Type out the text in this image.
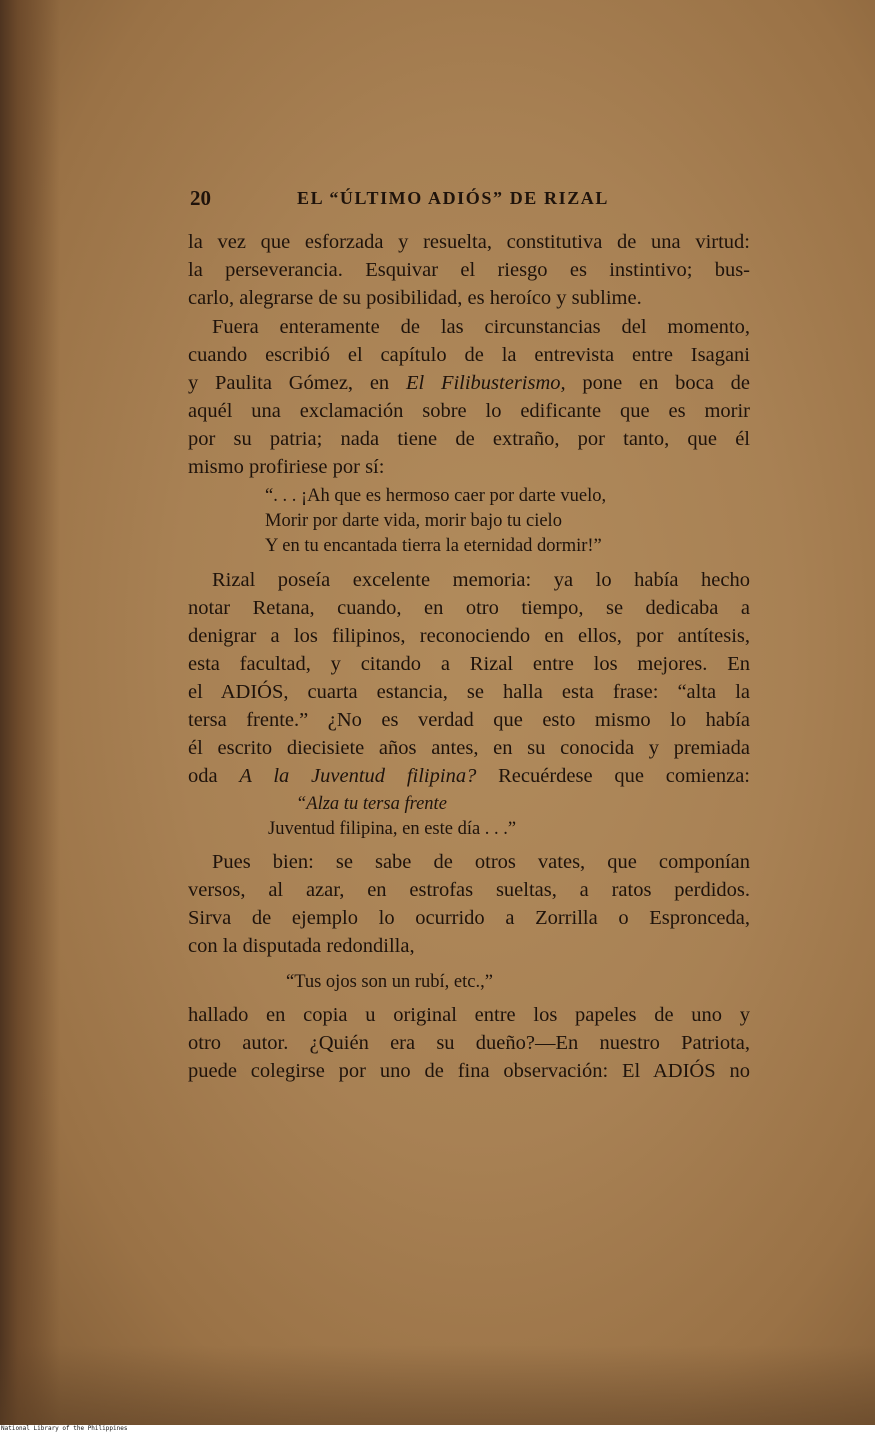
20	EL “ÚLTIMO ADIÓS” DE RIZAL
la vez que esforzada y resuelta, constitutiva de una virtud:
la perseverancia. Esquivar el riesgo es instintivo; bus-
carlo, alegrarse de su posibilidad, es heroíco y sublime.
Fuera enteramente de las circunstancias del momento,
cuando escribió el capítulo de la entrevista entre Isagani
y Paulita Gómez, en El Filibusterismo, pone en boca de
aquél una exclamación sobre lo edificante que es morir
por su patria; nada tiene de extraño, por tanto, que él
mismo profiriese por sí:
“. . . ¡Ah que es hermoso caer por darte vuelo,
Morir por darte vida, morir bajo tu cielo
Y en tu encantada tierra la eternidad dormir!”
Rizal poseía excelente memoria: ya lo había hecho
notar Retana, cuando, en otro tiempo, se dedicaba a
denigrar a los filipinos, reconociendo en ellos, por antítesis,
esta facultad, y citando a Rizal entre los mejores. En
el ADIÓS, cuarta estancia, se halla esta frase: “alta la
tersa frente.” ¿No es verdad que esto mismo lo había
él escrito diecisiete años antes, en su conocida y premiada
oda A la Juventud filipina? Recuérdese que comienza:
“Alza tu tersa frente
Juventud filipina, en este día . . .”
Pues bien: se sabe de otros vates, que componían
versos, al azar, en estrofas sueltas, a ratos perdidos.
Sirva de ejemplo lo ocurrido a Zorrilla o Espronceda,
con la disputada redondilla,
“Tus ojos son un rubí, etc.,”
hallado en copia u original entre los papeles de uno y
otro autor. ¿Quién era su dueño?—En nuestro Patriota,
puede colegirse por uno de fina observación: El ADIÓS no
National Library of the Philippines
